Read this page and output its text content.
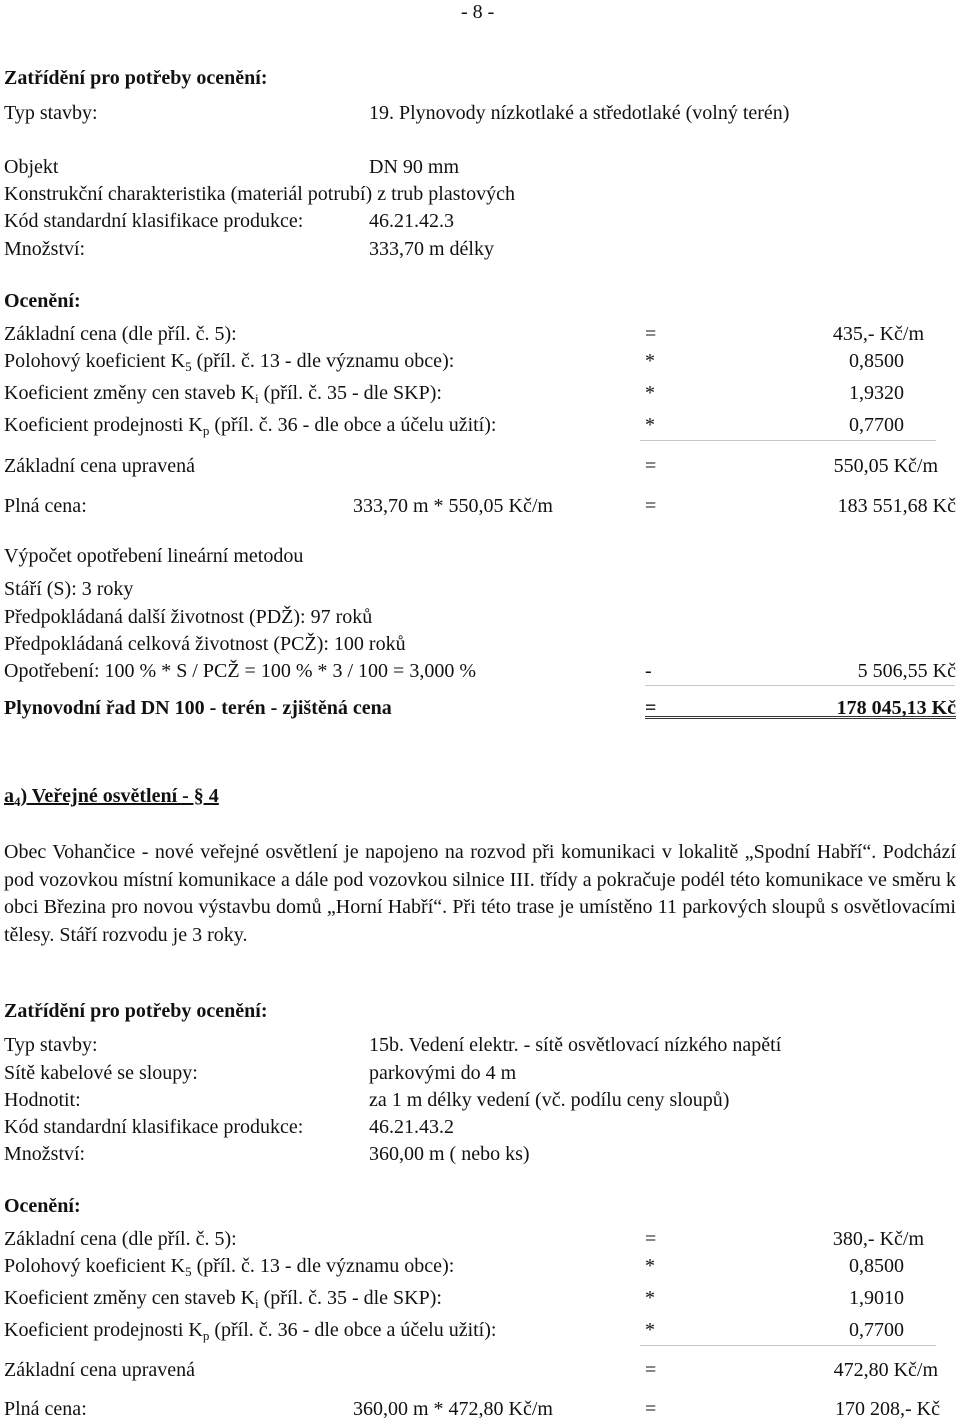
- 8 -
Zatřídění pro potřeby ocenění:
Typ stavby:	19. Plynovody nízkotlaké a středotlaké (volný terén)
Objekt	DN 90 mm
Konstrukční charakteristika (materiál potrubí) z trub plastových
Kód standardní klasifikace produkce:	46.21.42.3
Množství:	333,70 m délky
Ocenění:
Základní cena (dle příl. č. 5):	=	435,- Kč/m
Polohový koeficient $K_5$ (příl. č. 13 - dle významu obce):	*	0,8500
Koeficient změny cen staveb $K_i$ (příl. č. 35 - dle SKP):	*	1,9320
Koeficient prodejnosti $K_p$ (příl. č. 36 - dle obce a účelu užití):	*	0,7700
Základní cena upravená	=	550,05 Kč/m
Plná cena:	333,70 m * 550,05 Kč/m	=	183 551,68 Kč
Výpočet opotřebení lineární metodou
Stáří (S): 3 roky
Předpokládaná další životnost (PDŽ): 97 roků
Předpokládaná celková životnost (PCŽ): 100 roků
Opotřebení: 100 % * S / PCŽ = 100 % * 3 / 100 = 3,000 %	-	5 506,55 Kč
Plynovodní řad DN 100 - terén - zjištěná cena	=	178 045,13 Kč
$a_4$) Veřejné osvětlení - § 4
Obec Vohančice - nové veřejné osvětlení je napojeno na rozvod při komunikaci v lokalitě „Spodní Habří“. Podchází pod vozovkou místní komunikace a dále pod vozovkou silnice III. třídy a pokračuje podél této komunikace ve směru k obci Březina pro novou výstavbu domů „Horní Habří“. Při této trase je umístěno 11 parkových sloupů s osvětlovacími tělesy. Stáří rozvodu je 3 roky.
Zatřídění pro potřeby ocenění:
Typ stavby:	15b. Vedení elektr. - sítě osvětlovací nízkého napětí
Sítě kabelové se sloupy:	parkovými do 4 m
Hodnotit:	za 1 m délky vedení (vč. podílu ceny sloupů)
Kód standardní klasifikace produkce:	46.21.43.2
Množství:	360,00 m ( nebo ks)
Ocenění:
Základní cena (dle příl. č. 5):	=	380,- Kč/m
Polohový koeficient $K_5$ (příl. č. 13 - dle významu obce):	*	0,8500
Koeficient změny cen staveb $K_i$ (příl. č. 35 - dle SKP):	*	1,9010
Koeficient prodejnosti $K_p$ (příl. č. 36 - dle obce a účelu užití):	*	0,7700
Základní cena upravená	=	472,80 Kč/m
Plná cena:	360,00 m * 472,80 Kč/m	=	170 208,- Kč
